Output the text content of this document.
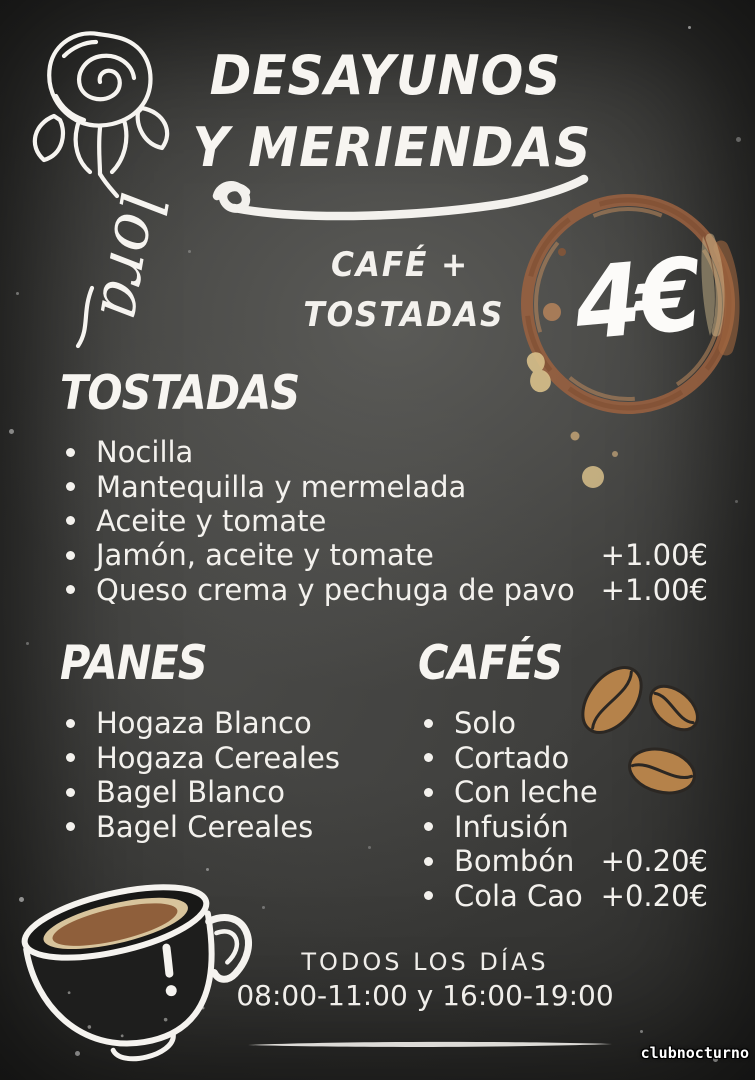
lora
DESAYUNOS
Y MERIENDAS
CAFÉ +
TOSTADAS 4€
TOSTADAS
Nocilla
Mantequilla y mermelada
Aceite y tomate
Jamón, aceite y tomate	+1.00€
Queso crema y pechuga de pavo +1.00€
PANES
Hogaza Blanco
Hogaza Cereales
Bagel Blanco
Bagel Cereales
CAFÉS
Solo
Cortado
Con leche
Infusión
Bombón +0.20€
Cola Cao +0.20€
TODOS LOS DÍAS
08:00-11:00 y 16:00-19:00
clubnocturno
